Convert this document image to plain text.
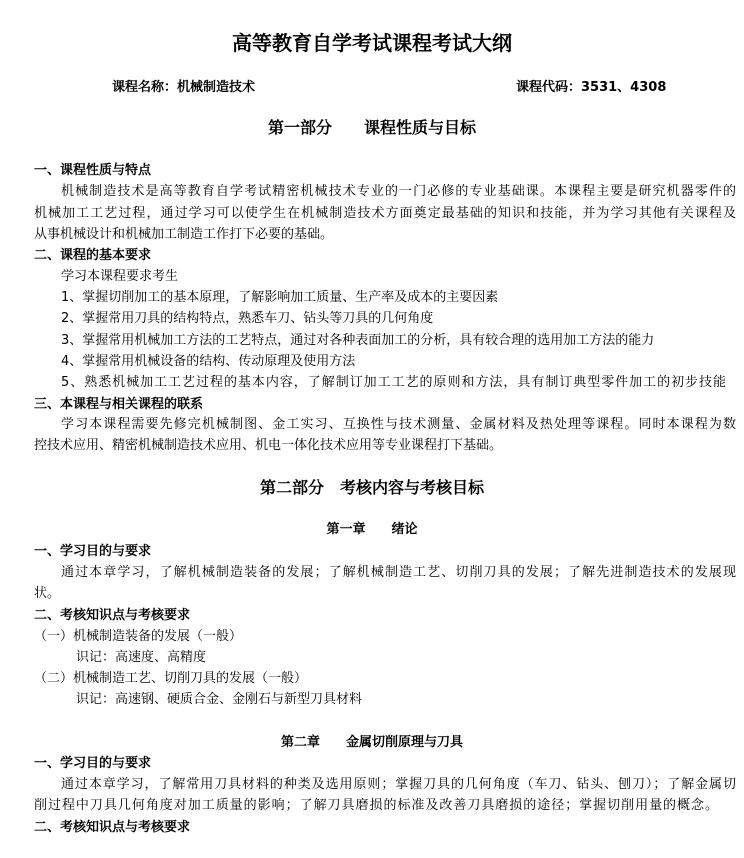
高等教育自学考试课程考试大纲
课程名称：机械制造技术	课程代码：3531、4308
第一部分　　课程性质与目标
一、课程性质与特点
机械制造技术是高等教育自学考试精密机械技术专业的一门必修的专业基础课。本课程主要是研究机器零件的
机械加工工艺过程，通过学习可以使学生在机械制造技术方面奠定最基础的知识和技能，并为学习其他有关课程及
从事机械设计和机械加工制造工作打下必要的基础。
二、课程的基本要求
学习本课程要求考生
1、掌握切削加工的基本原理，了解影响加工质量、生产率及成本的主要因素
2、掌握常用刀具的结构特点，熟悉车刀、钻头等刀具的几何角度
3、掌握常用机械加工方法的工艺特点，通过对各种表面加工的分析，具有较合理的选用加工方法的能力
4、掌握常用机械设备的结构、传动原理及使用方法
5、熟悉机械加工工艺过程的基本内容，了解制订加工工艺的原则和方法，具有制订典型零件加工的初步技能
三、本课程与相关课程的联系
学习本课程需要先修完机械制图、金工实习、互换性与技术测量、金属材料及热处理等课程。同时本课程为数
控技术应用、精密机械制造技术应用、机电一体化技术应用等专业课程打下基础。
第二部分　考核内容与考核目标
第一章　　绪论
一、学习目的与要求
通过本章学习，了解机械制造装备的发展；了解机械制造工艺、切削刀具的发展；了解先进制造技术的发展现
状。
二、考核知识点与考核要求
（一）机械制造装备的发展（一般）
识记：高速度、高精度
（二）机械制造工艺、切削刀具的发展（一般）
识记：高速钢、硬质合金、金刚石与新型刀具材料
第二章　　金属切削原理与刀具
一、学习目的与要求
通过本章学习，了解常用刀具材料的种类及选用原则；掌握刀具的几何角度（车刀、钻头、刨刀）；了解金属切
削过程中刀具几何角度对加工质量的影响；了解刀具磨损的标准及改善刀具磨损的途径；掌握切削用量的概念。
二、考核知识点与考核要求
